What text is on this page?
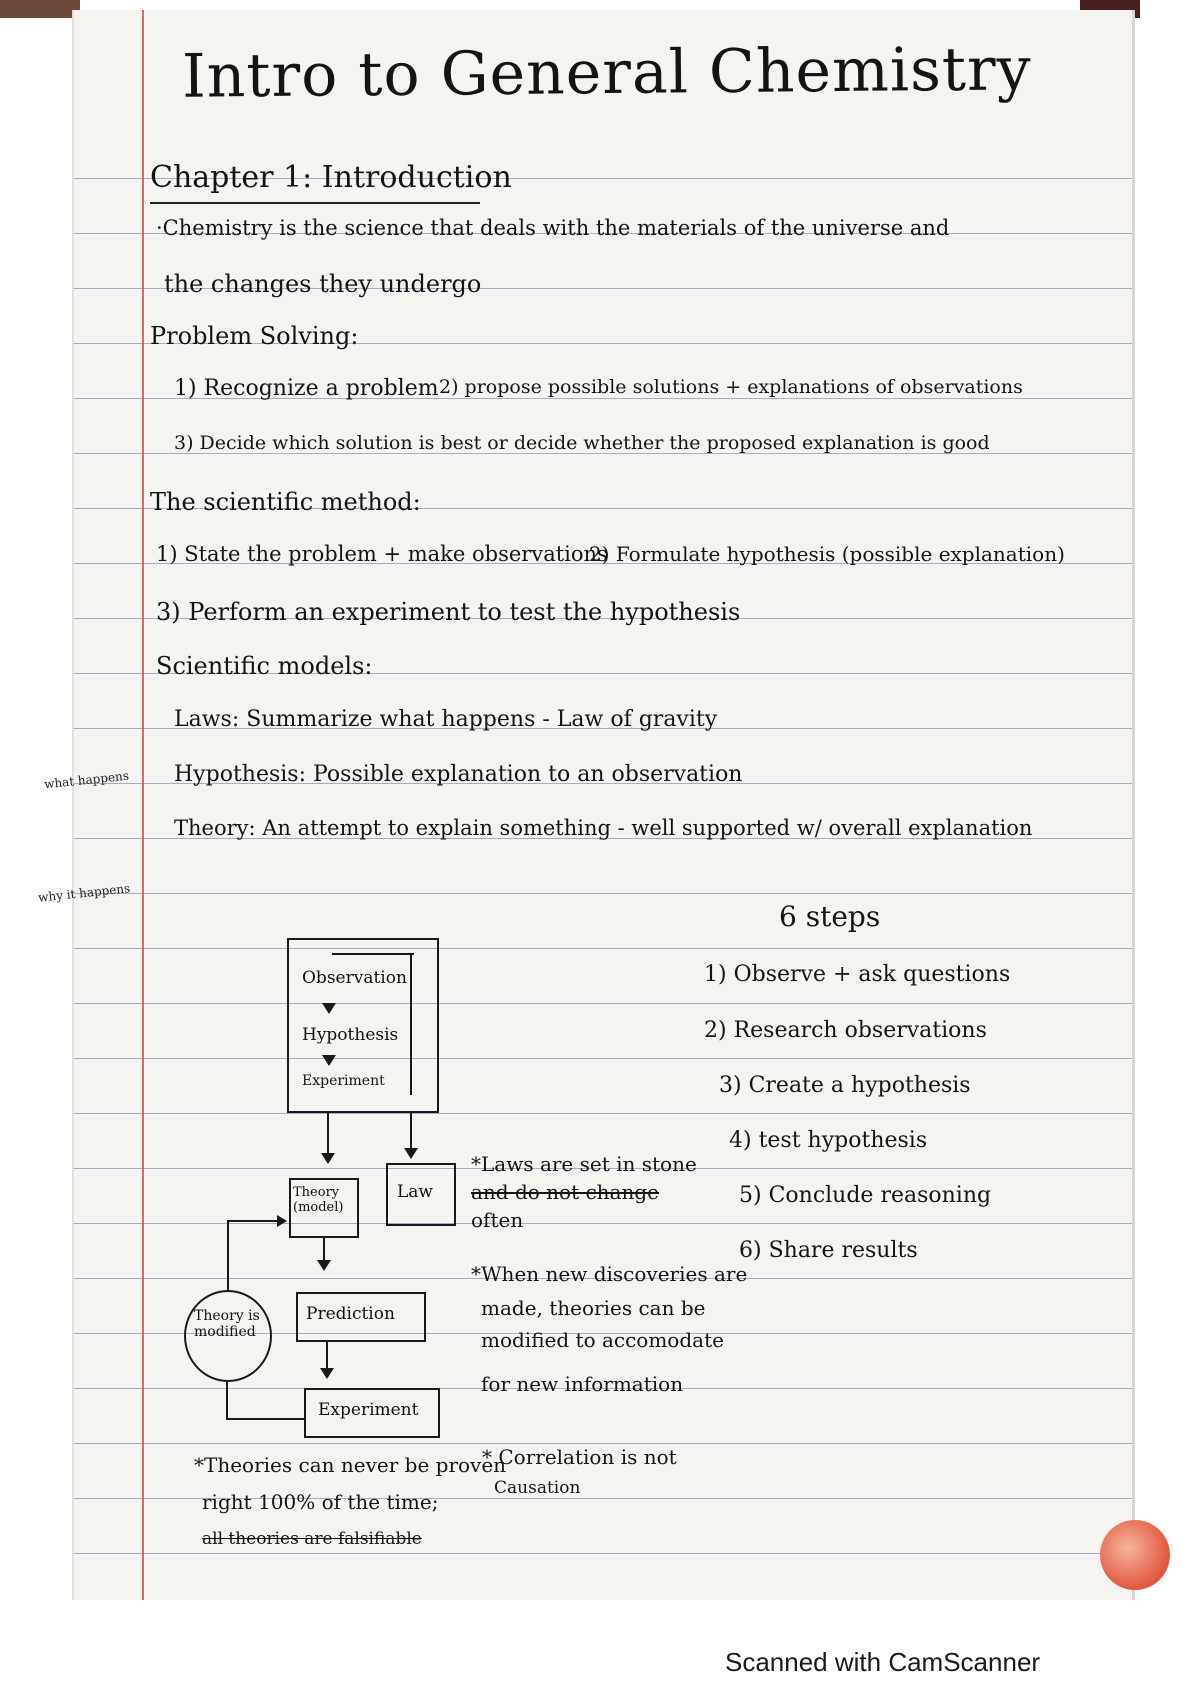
Intro to General Chemistry
Chapter 1: Introduction
·Chemistry is the science that deals with the materials of the universe and
the changes they undergo
Problem Solving:
1) Recognize a problem 2) propose possible solutions + explanations of observations
3) Decide which solution is best or decide whether the proposed explanation is good
The scientific method:
1) State the problem + make observations
2) Formulate hypothesis (possible explanation)
3) Perform an experiment to test the hypothesis
Scientific models:
Laws: Summarize what happens - Law of gravity
Hypothesis: Possible explanation to an observation
Theory: An attempt to explain something - well supported w/ overall explanation
what happens
why it happens
6 steps
1) Observe + ask questions
2) Research observations
3) Create a hypothesis
4) test hypothesis
5) Conclude reasoning
6) Share results
Observation
Hypothesis
Experiment
Theory (model)
Law
Prediction
Experiment
Theory is modified
*Laws are set in stone
and do not change
often
*When new discoveries are
made, theories can be
modified to accomodate
for new information
*Theories can never be proven
right 100% of the time;
all theories are falsifiable
* Correlation is not
Causation
Scanned with CamScanner
